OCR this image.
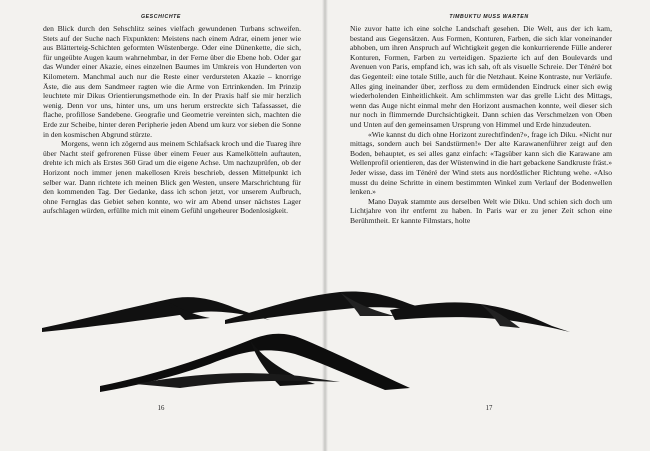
GESCHICHTE

den Blick durch den Sehschlitz seines vielfach gewundenen Turbans schweifen. Stets auf der Suche nach Fixpunkten: Meistens nach einem Adrar, einem jener wie aus Blätterteig-Schichten geformten Wüstenberge. Oder eine Dünenkette, die sich, für ungeübte Augen kaum wahrnehmbar, in der Ferne über die Ebene hob. Oder gar das Wunder einer Akazie, eines einzelnen Baumes im Umkreis von Hunderten von Kilometern. Manchmal auch nur die Reste einer verdursteten Akazie – knorrige Äste, die aus dem Sandmeer ragten wie die Arme von Ertrinkenden. Im Prinzip leuchtete mir Dikus Orientierungsmethode ein. In der Praxis half sie mir herzlich wenig. Denn vor uns, hinter uns, um uns herum erstreckte sich Tafassasset, die flache, profillose Sandebene. Geografie und Geometrie vereinten sich, machten die Erde zur Scheibe, hinter deren Peripherie jeden Abend um kurz vor sieben die Sonne in den kosmischen Abgrund stürzte.

Morgens, wenn ich zögernd aus meinem Schlafsack kroch und die Tuareg ihre über Nacht steif gefrorenen Füsse über einem Feuer aus Kamelkötteln auftauten, drehte ich mich als Erstes 360 Grad um die eigene Achse. Um nachzuprüfen, ob der Horizont noch immer jenen makellosen Kreis beschrieb, dessen Mittelpunkt ich selber war. Dann richtete ich meinen Blick gen Westen, unsere Marschrichtung für den kommenden Tag. Der Gedanke, dass ich schon jetzt, vor unserem Aufbruch, ohne Fernglas das Gebiet sehen konnte, wo wir am Abend unser nächstes Lager aufschlagen würden, erfüllte mich mit einem Gefühl ungeheurer Bodenlosigkeit.

16
TIMBUKTU MUSS WARTEN

Nie zuvor hatte ich eine solche Landschaft gesehen. Die Welt, aus der ich kam, bestand aus Gegensätzen. Aus Formen, Konturen, Farben, die sich klar voneinander abhoben, um ihren Anspruch auf Wichtigkeit gegen die konkurrierende Fülle anderer Konturen, Formen, Farben zu verteidigen. Spazierte ich auf den Boulevards und Avenuen von Paris, empfand ich, was ich sah, oft als visuelle Schreie. Der Ténéré bot das Gegenteil: eine totale Stille, auch für die Netzhaut. Keine Kontraste, nur Verläufe. Alles ging ineinander über, zerfloss zu dem ermüdenden Eindruck einer sich ewig wiederholenden Einheitlichkeit. Am schlimmsten war das grelle Licht des Mittags, wenn das Auge nicht einmal mehr den Horizont ausmachen konnte, weil dieser sich nur noch in flimmernde Durchsichtigkeit. Dann schien das Verschmelzen von Oben und Unten auf den gemeinsamen Ursprung von Himmel und Erde hinzudeuten.

«Wie kannst du dich ohne Horizont zurechtfinden?», frage ich Diku. «Nicht nur mittags, sondern auch bei Sandstürmen!» Der alte Karawanenführer zeigt auf den Boden, behauptet, es sei alles ganz einfach: «Tagsüber kann sich die Karawane am Wellenprofil orientieren, das der Wüstenwind in die hart gebackene Sandkruste fräst.» Jeder wisse, dass im Ténéré der Wind stets aus nordöstlicher Richtung wehe. «Also musst du deine Schritte in einem bestimmten Winkel zum Verlauf der Bodenwellen lenken.»

Mano Dayak stammte aus derselben Welt wie Diku. Und schien sich doch um Lichtjahre von ihr entfernt zu haben. In Paris war er zu jener Zeit schon eine Berühmtheit. Er kannte Filmstars, holte

17
